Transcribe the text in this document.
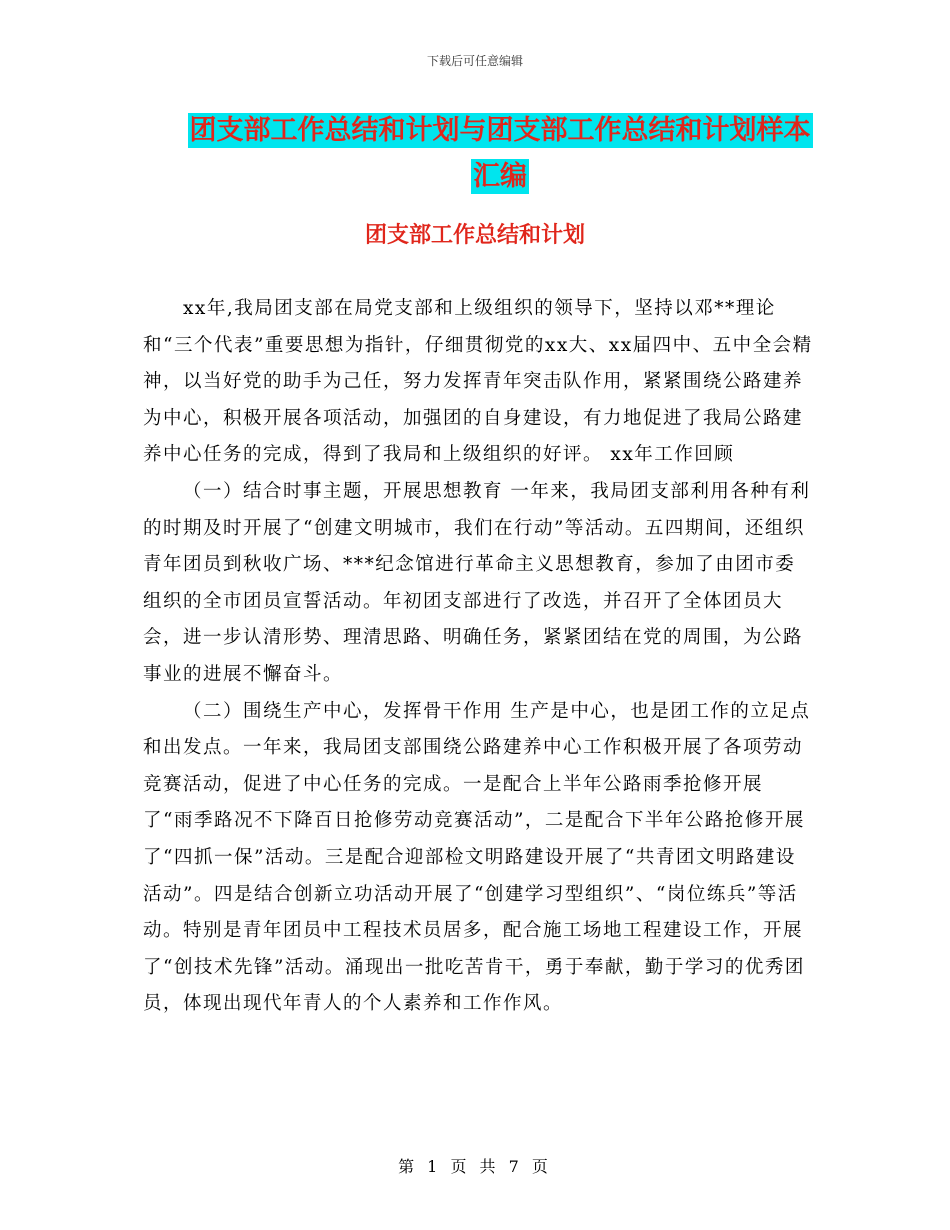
下载后可任意编辑
团支部工作总结和计划与团支部工作总结和计划样本
汇编
团支部工作总结和计划

xx年,我局团支部在局党支部和上级组织的领导下，坚持以邓**理论和“三个代表”重要思想为指针，仔细贯彻党的xx大、xx届四中、五中全会精神，以当好党的助手为己任，努力发挥青年突击队作用，紧紧围绕公路建养为中心，积极开展各项活动，加强团的自身建设，有力地促进了我局公路建养中心任务的完成，得到了我局和上级组织的好评。 xx年工作回顾

（一）结合时事主题，开展思想教育 一年来，我局团支部利用各种有利的时期及时开展了“创建文明城市，我们在行动”等活动。五四期间，还组织青年团员到秋收广场、***纪念馆进行革命主义思想教育，参加了由团市委组织的全市团员宣誓活动。年初团支部进行了改选，并召开了全体团员大会，进一步认清形势、理清思路、明确任务，紧紧团结在党的周围，为公路事业的进展不懈奋斗。

（二）围绕生产中心，发挥骨干作用 生产是中心，也是团工作的立足点和出发点。一年来，我局团支部围绕公路建养中心工作积极开展了各项劳动竞赛活动，促进了中心任务的完成。一是配合上半年公路雨季抢修开展了“雨季路况不下降百日抢修劳动竞赛活动”，二是配合下半年公路抢修开展了“四抓一保”活动。三是配合迎部检文明路建设开展了“共青团文明路建设活动”。四是结合创新立功活动开展了“创建学习型组织”、“岗位练兵”等活动。特别是青年团员中工程技术员居多，配合施工场地工程建设工作，开展了“创技术先锋”活动。涌现出一批吃苦肯干，勇于奉献，勤于学习的优秀团员，体现出现代年青人的个人素养和工作作风。

第 1 页 共 7 页
